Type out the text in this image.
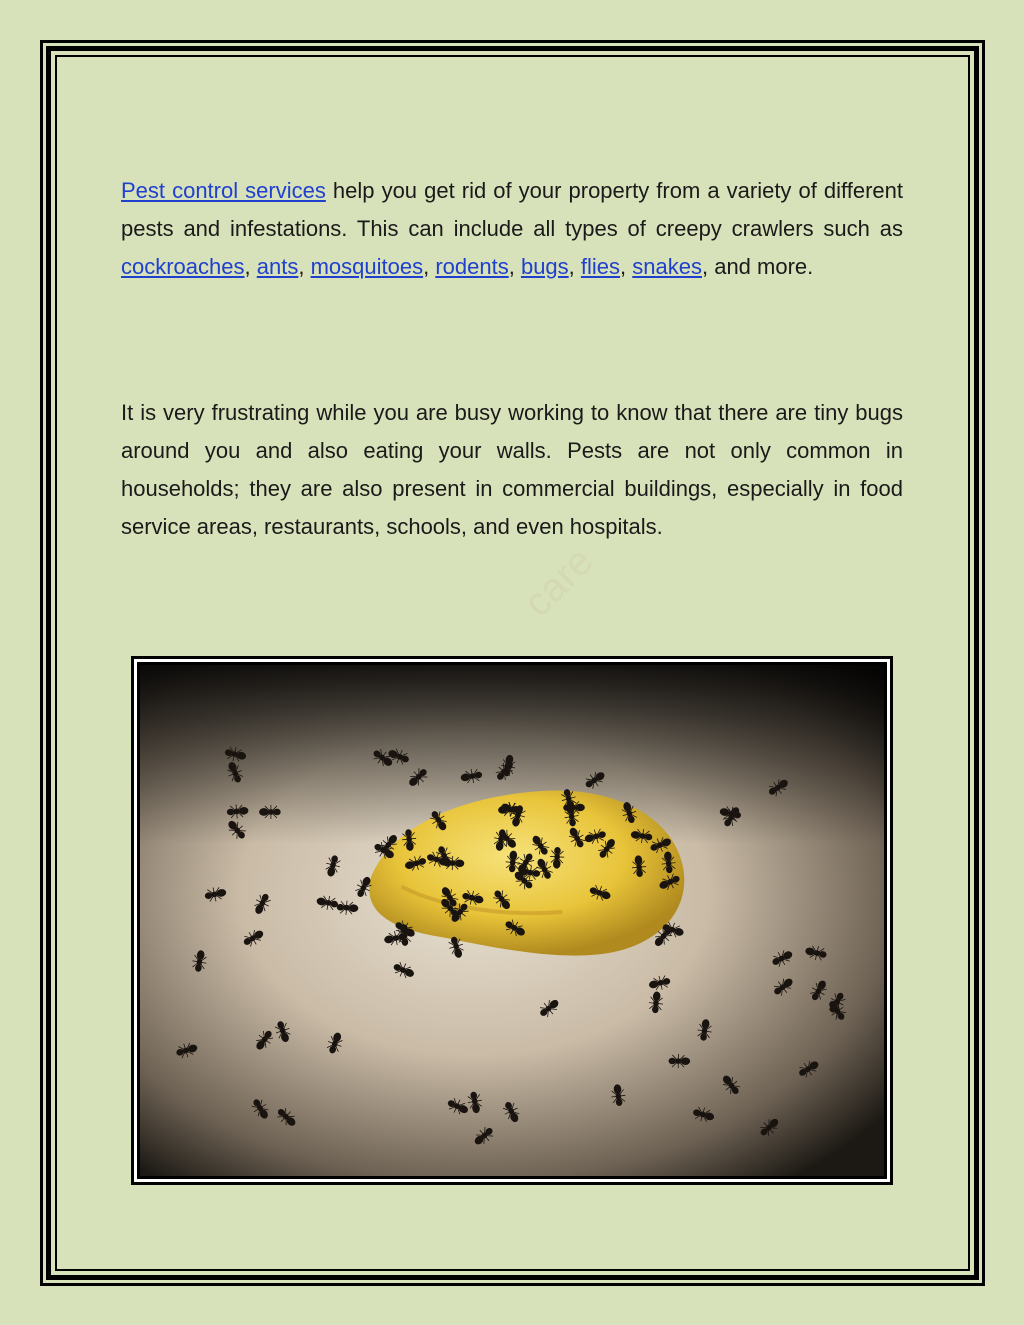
Pest control services help you get rid of your property from a variety of different pests and infestations. This can include all types of creepy crawlers such as cockroaches, ants, mosquitoes, rodents, bugs, flies, snakes, and more.
It is very frustrating while you are busy working to know that there are tiny bugs around you and also eating your walls. Pests are not only common in households; they are also present in commercial buildings, especially in food service areas, restaurants, schools, and even hospitals.
care
